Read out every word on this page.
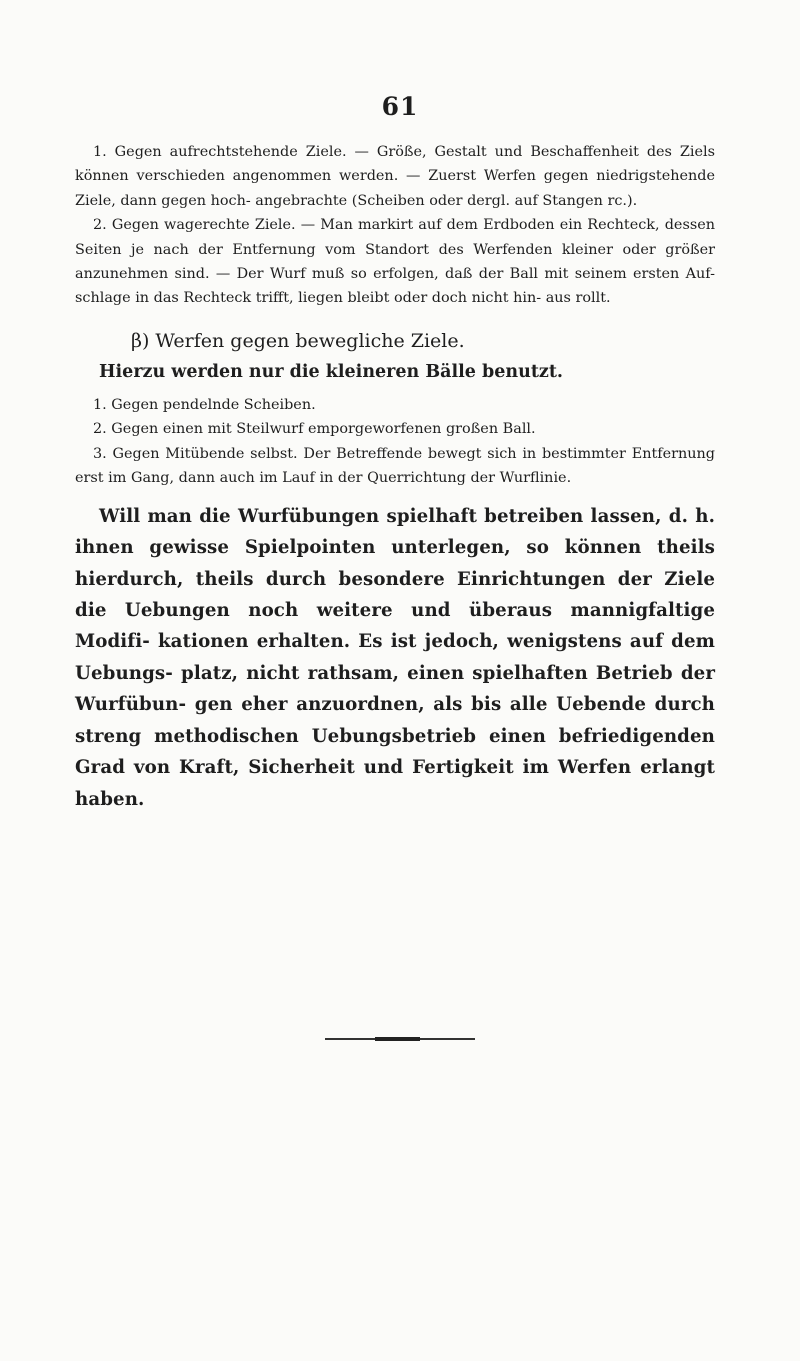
61

1. Gegen aufrechtstehende Ziele. — Größe, Gestalt und Beschaffenheit des Ziels können verschieden angenommen werden. — Zuerst Werfen gegen niedrigstehende Ziele, dann gegen hoch- angebrachte (Scheiben oder dergl. auf Stangen rc.).

2. Gegen wagerechte Ziele. — Man markirt auf dem Erdboden ein Rechteck, dessen Seiten je nach der Entfernung vom Standort des Werfenden kleiner oder größer anzunehmen sind. — Der Wurf muß so erfolgen, daß der Ball mit seinem ersten Auf- schlage in das Rechteck trifft, liegen bleibt oder doch nicht hin- aus rollt.

β) Werfen gegen bewegliche Ziele.

Hierzu werden nur die kleineren Bälle benutzt.

1. Gegen pendelnde Scheiben.
2. Gegen einen mit Steilwurf emporgeworfenen großen Ball.
3. Gegen Mitübende selbst. Der Betreffende bewegt sich in bestimmter Entfernung erst im Gang, dann auch im Lauf in der Querrichtung der Wurflinie.

Will man die Wurfübungen spielhaft betreiben lassen, d. h. ihnen gewisse Spielpointen unterlegen, so können theils hierdurch, theils durch besondere Einrichtungen der Ziele die Uebungen noch weitere und überaus mannigfaltige Modifi- kationen erhalten. Es ist jedoch, wenigstens auf dem Uebungs- platz, nicht rathsam, einen spielhaften Betrieb der Wurfübun- gen eher anzuordnen, als bis alle Uebende durch streng methodischen Uebungsbetrieb einen befriedigenden Grad von Kraft, Sicherheit und Fertigkeit im Werfen erlangt haben.
